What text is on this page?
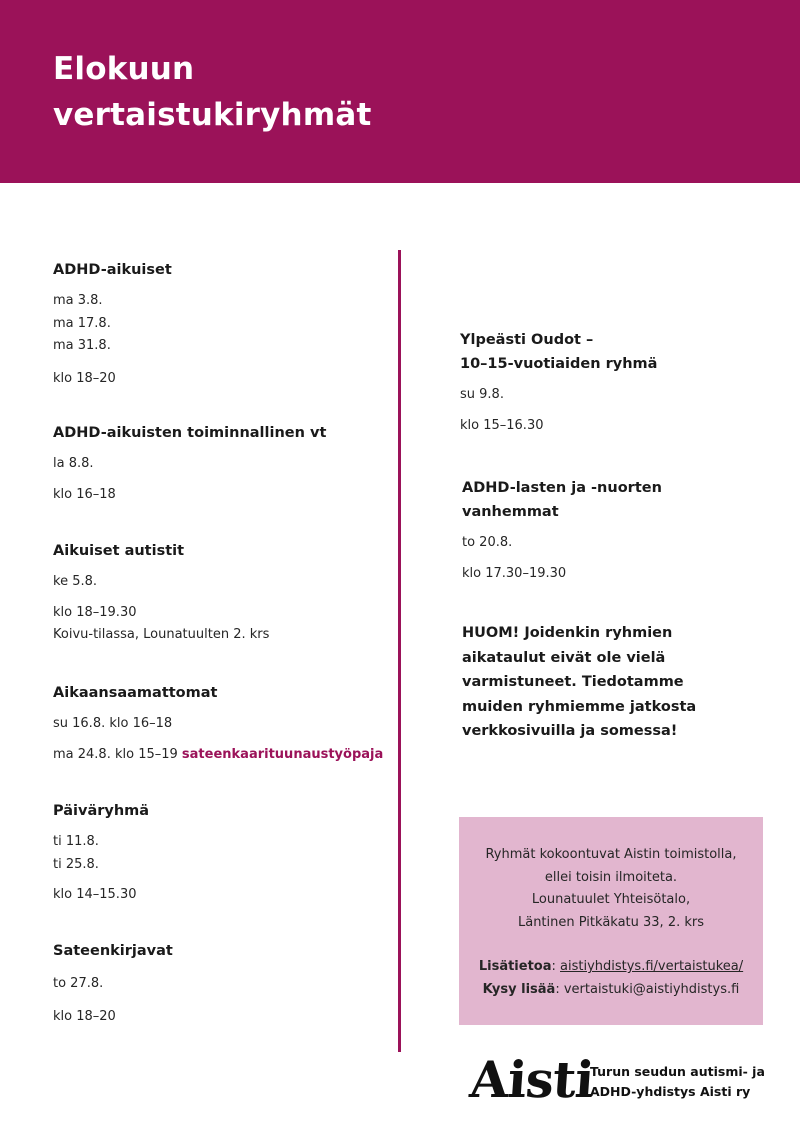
Elokuun
vertaistukiryhmät
ADHD-aikuiset
ma 3.8.
ma 17.8.
ma 31.8.
klo 18–20
ADHD-aikuisten toiminnallinen vt
la 8.8.
klo 16–18
Aikuiset autistit
ke 5.8.
klo 18–19.30
Koivu-tilassa, Lounatuulten 2. krs
Aikaansaamattomat
su 16.8. klo 16–18
ma 24.8. klo 15–19 sateenkaarituunaustyöpaja
Päiväryhmä
ti 11.8.
ti 25.8.
klo 14–15.30
Sateenkirjavat
to 27.8.
klo 18–20
Ylpeästi Oudot –
10–15-vuotiaiden ryhmä
su 9.8.
klo 15–16.30
ADHD-lasten ja -nuorten
vanhemmat
to 20.8.
klo 17.30–19.30
HUOM! Joidenkin ryhmien
aikataulut eivät ole vielä
varmistuneet. Tiedotamme
muiden ryhmiemme jatkosta
verkkosivuilla ja somessa!
Ryhmät kokoontuvat Aistin toimistolla,
ellei toisin ilmoiteta.
Lounatuulet Yhteisötalo,
Läntinen Pitkäkatu 33, 2. krs
Lisätietoa: aistiyhdistys.fi/vertaistukea/
Kysy lisää: vertaistuki@aistiyhdistys.fi
Aisti
Turun seudun autismi- ja
ADHD-yhdistys Aisti ry
